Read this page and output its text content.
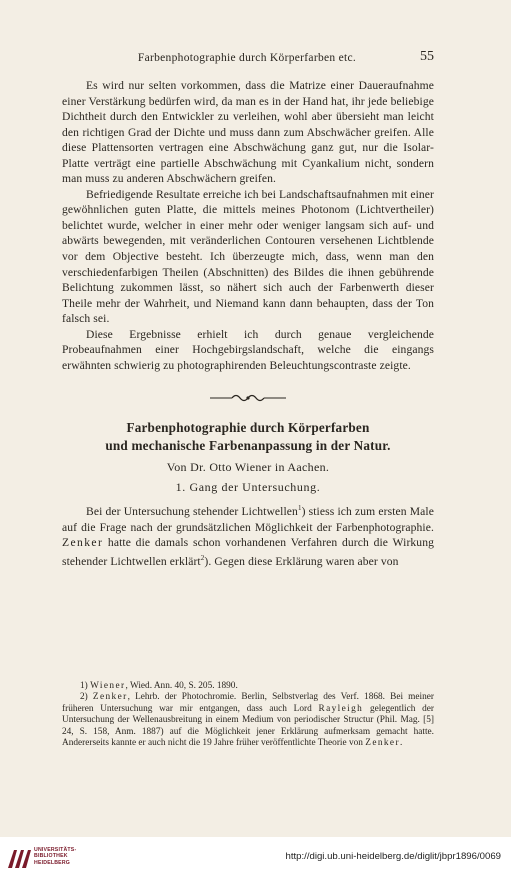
Farbenphotographie durch Körperfarben etc.	55

Es wird nur selten vorkommen, dass die Matrize einer Daueraufnahme einer Verstärkung bedürfen wird, da man es in der Hand hat, ihr jede beliebige Dichtheit durch den Entwickler zu verleihen, wohl aber übersieht man leicht den richtigen Grad der Dichte und muss dann zum Abschwächer greifen. Alle diese Plattensorten vertragen eine Abschwächung ganz gut, nur die Isolar-Platte verträgt eine partielle Abschwächung mit Cyankalium nicht, sondern man muss zu anderen Abschwächern greifen.

Befriedigende Resultate erreiche ich bei Landschaftsaufnahmen mit einer gewöhnlichen guten Platte, die mittels meines Photonom (Lichtvertheiler) belichtet wurde, welcher in einer mehr oder weniger langsam sich auf- und abwärts bewegenden, mit veränderlichen Contouren versehenen Lichtblende vor dem Objective besteht. Ich überzeugte mich, dass, wenn man den verschiedenfarbigen Theilen (Abschnitten) des Bildes die ihnen gebührende Belichtung zukommen lässt, so nähert sich auch der Farbenwerth dieser Theile mehr der Wahrheit, und Niemand kann dann behaupten, dass der Ton falsch sei.

Diese Ergebnisse erhielt ich durch genaue vergleichende Probeaufnahmen einer Hochgebirgslandschaft, welche die eingangs erwähnten schwierig zu photographirenden Beleuchtungscontraste zeigte.

Farbenphotographie durch Körperfarben
und mechanische Farbenanpassung in der Natur.
Von Dr. Otto Wiener in Aachen.
1. Gang der Untersuchung.

Bei der Untersuchung stehender Lichtwellen$^1$) stiess ich zum ersten Male auf die Frage nach der grundsätzlichen Möglichkeit der Farbenphotographie. Zenker hatte die damals schon vorhandenen Verfahren durch die Wirkung stehender Lichtwellen erklärt$^2$). Gegen diese Erklärung waren aber von

1) Wiener, Wied. Ann. 40, S. 205. 1890.

2) Zenker, Lehrb. der Photochromie. Berlin, Selbstverlag des Verf. 1868. Bei meiner früheren Untersuchung war mir entgangen, dass auch Lord Rayleigh gelegentlich der Untersuchung der Wellenausbreitung in einem Medium von periodischer Structur (Phil. Mag. [5] 24, S. 158, Anm. 1887) auf die Möglichkeit jener Erklärung aufmerksam gemacht hatte. Andererseits kannte er auch nicht die 19 Jahre früher veröffentlichte Theorie von Zenker.

UNIVERSITÄTS-
BIBLIOTHEK
HEIDELBERG
http://digi.ub.uni-heidelberg.de/diglit/jbpr1896/0069
